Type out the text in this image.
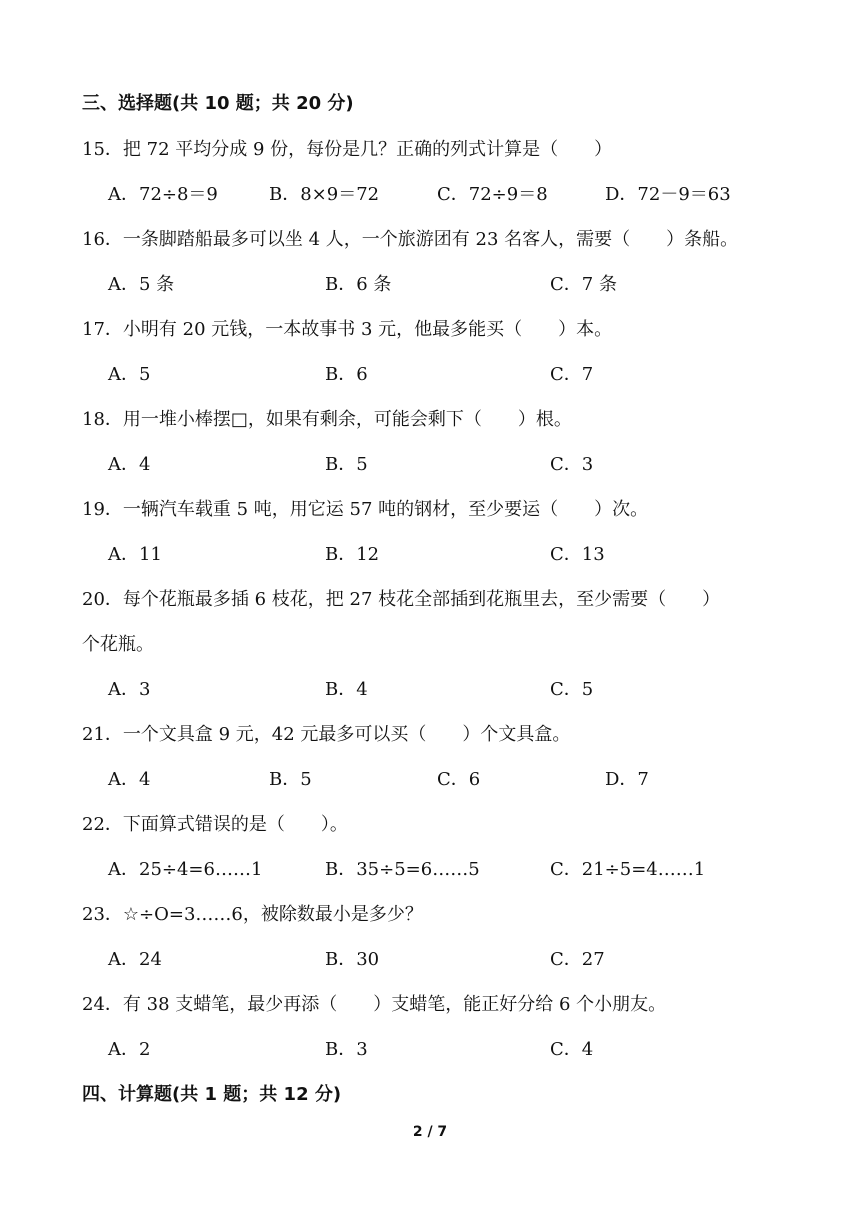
三、选择题(共 10 题；共 20 分)
15．把 72 平均分成 9 份，每份是几？正确的列式计算是（　　）
A．72÷8＝9	B．8×9＝72	C．72÷9＝8	D．72－9＝63
16．一条脚踏船最多可以坐 4 人，一个旅游团有 23 名客人，需要（　　）条船。
A．5 条	B．6 条	C．7 条
17．小明有 20 元钱，一本故事书 3 元，他最多能买（　　）本。
A．5	B．6	C．7
18．用一堆小棒摆□，如果有剩余，可能会剩下（　　）根。
A．4	B．5	C．3
19．一辆汽车载重 5 吨，用它运 57 吨的钢材，至少要运（　　）次。
A．11	B．12	C．13
20．每个花瓶最多插 6 枝花，把 27 枝花全部插到花瓶里去，至少需要（　　）
个花瓶。
A．3	B．4	C．5
21．一个文具盒 9 元，42 元最多可以买（　　）个文具盒。
A．4	B．5	C．6	D．7
22．下面算式错误的是（　　）。
A．25÷4=6……1	B．35÷5=6……5	C．21÷5=4……1
23．☆÷O=3……6，被除数最小是多少？
A．24	B．30	C．27
24．有 38 支蜡笔，最少再添（　　）支蜡笔，能正好分给 6 个小朋友。
A．2	B．3	C．4
四、计算题(共 1 题；共 12 分)
2 / 7
